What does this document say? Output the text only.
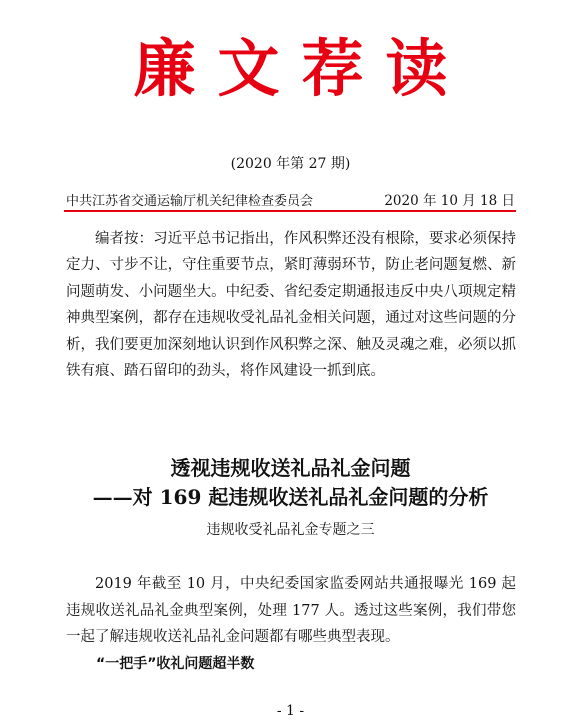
廉文荐读
(2020 年第 27 期)
中共江苏省交通运输厅机关纪律检查委员会	2020 年 10 月 18 日
编者按：习近平总书记指出，作风积弊还没有根除，要求必须保持定力、寸步不让，守住重要节点，紧盯薄弱环节，防止老问题复燃、新问题萌发、小问题坐大。中纪委、省纪委定期通报违反中央八项规定精神典型案例，都存在违规收受礼品礼金相关问题，通过对这些问题的分析，我们要更加深刻地认识到作风积弊之深、触及灵魂之难，必须以抓铁有痕、踏石留印的劲头，将作风建设一抓到底。
透视违规收送礼品礼金问题
——对 169 起违规收送礼品礼金问题的分析
违规收受礼品礼金专题之三
2019 年截至 10 月，中央纪委国家监委网站共通报曝光 169 起违规收送礼品礼金典型案例，处理 177 人。透过这些案例，我们带您一起了解违规收送礼品礼金问题都有哪些典型表现。
“一把手”收礼问题超半数
- 1 -
